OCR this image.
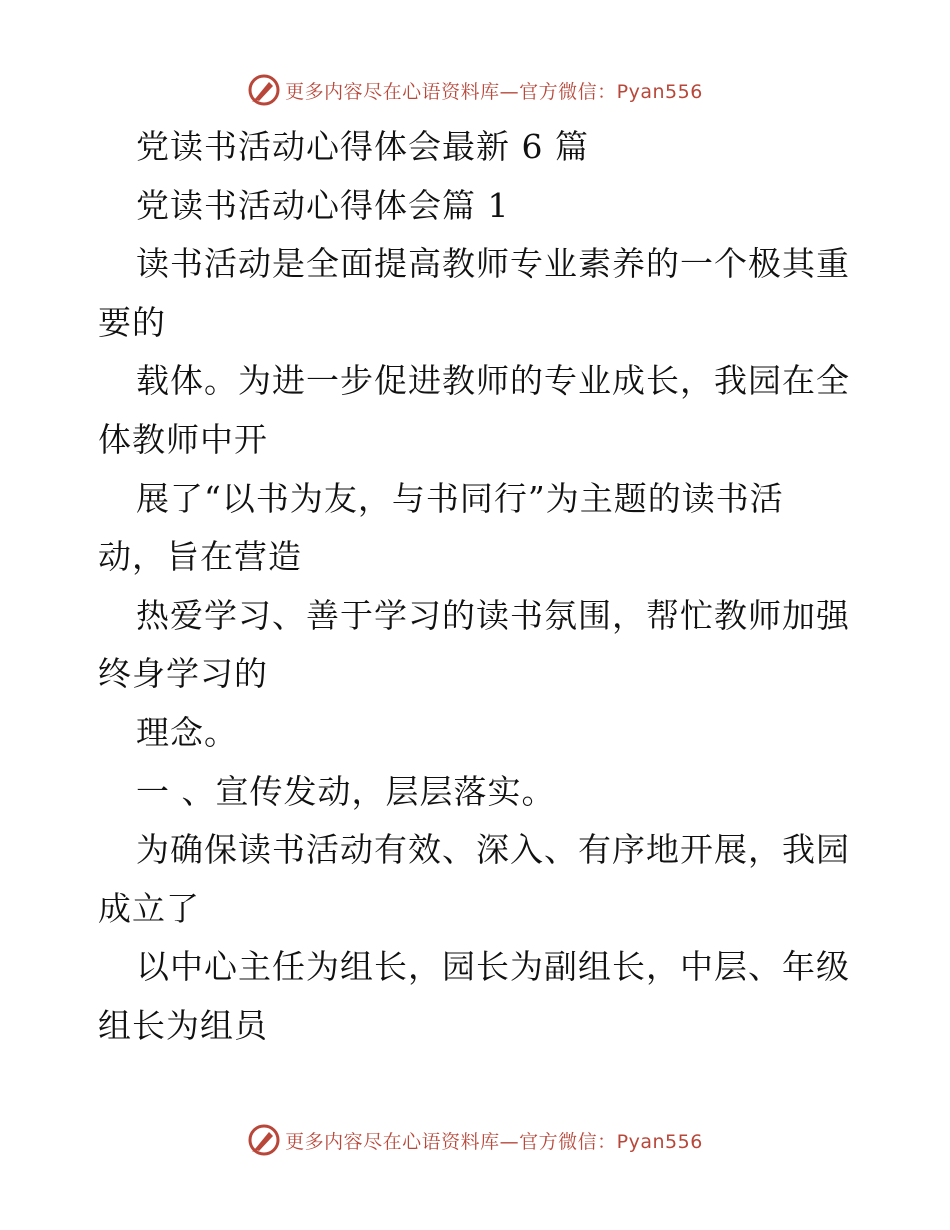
更多内容尽在心语资料库—官方微信：Pyan556
党读书活动心得体会最新 6 篇
党读书活动心得体会篇 1
读书活动是全面提高教师专业素养的一个极其重
要的
载体。为进一步促进教师的专业成长，我园在全
体教师中开
展了“以书为友，与书同行”为主题的读书活
动，旨在营造
热爱学习、善于学习的读书氛围，帮忙教师加强
终身学习的
理念。
一 、宣传发动，层层落实。
为确保读书活动有效、深入、有序地开展，我园
成立了
以中心主任为组长，园长为副组长，中层、年级
组长为组员
更多内容尽在心语资料库—官方微信：Pyan556
